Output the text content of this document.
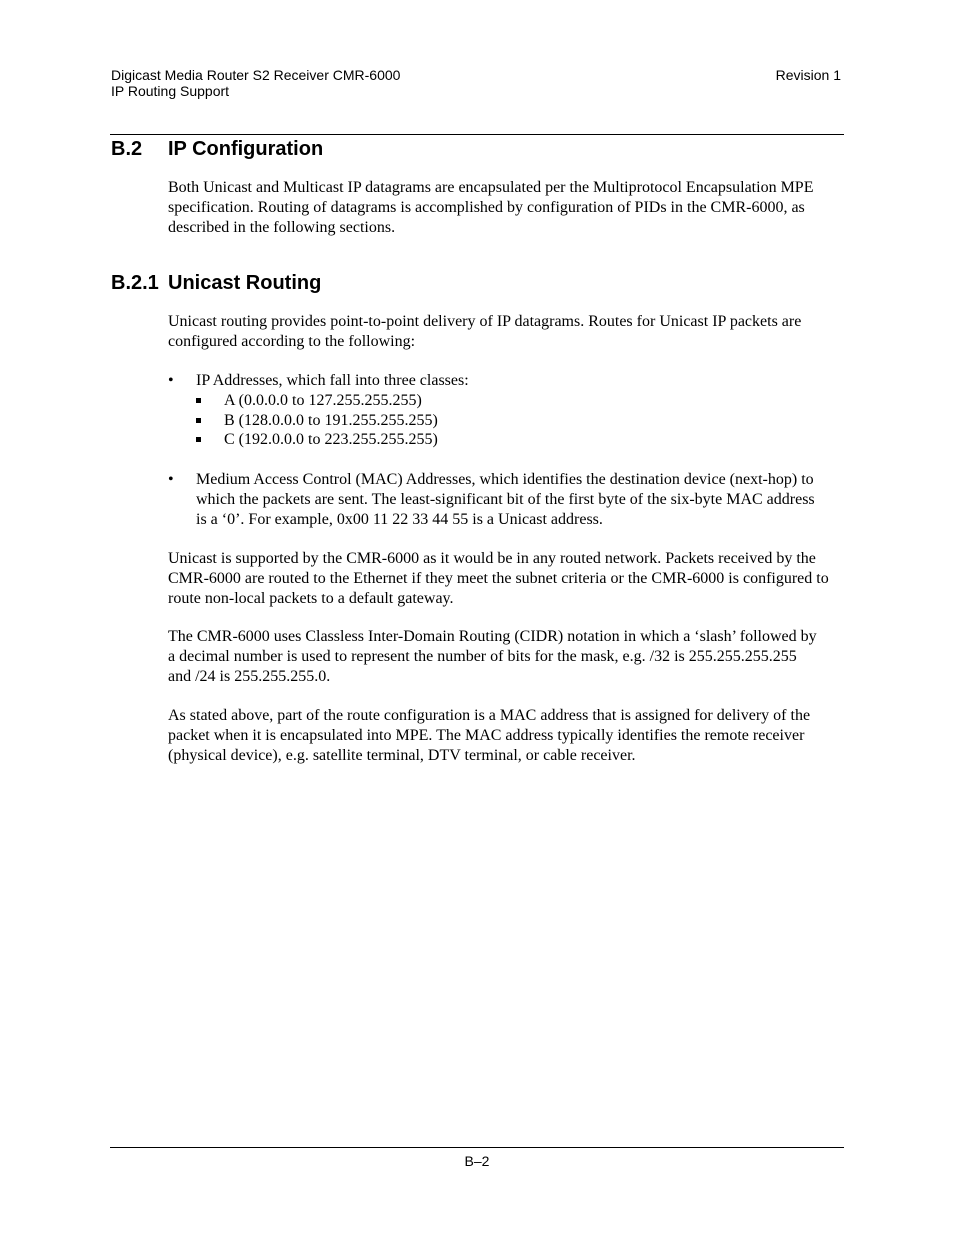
Digicast Media Router S2 Receiver CMR-6000
IP Routing Support
Revision 1
B.2 IP Configuration
Both Unicast and Multicast IP datagrams are encapsulated per the Multiprotocol Encapsulation MPE specification. Routing of datagrams is accomplished by configuration of PIDs in the CMR-6000, as described in the following sections.
B.2.1 Unicast Routing
Unicast routing provides point-to-point delivery of IP datagrams. Routes for Unicast IP packets are configured according to the following:
• IP Addresses, which fall into three classes:
A (0.0.0.0 to 127.255.255.255)
B (128.0.0.0 to 191.255.255.255)
C (192.0.0.0 to 223.255.255.255)
• Medium Access Control (MAC) Addresses, which identifies the destination device (next-hop) to which the packets are sent. The least-significant bit of the first byte of the six-byte MAC address is a ‘0’. For example, 0x00 11 22 33 44 55 is a Unicast address.
Unicast is supported by the CMR-6000 as it would be in any routed network. Packets received by the CMR-6000 are routed to the Ethernet if they meet the subnet criteria or the CMR-6000 is configured to route non-local packets to a default gateway.
The CMR-6000 uses Classless Inter-Domain Routing (CIDR) notation in which a ‘slash’ followed by a decimal number is used to represent the number of bits for the mask, e.g. /32 is 255.255.255.255 and /24 is 255.255.255.0.
As stated above, part of the route configuration is a MAC address that is assigned for delivery of the packet when it is encapsulated into MPE. The MAC address typically identifies the remote receiver (physical device), e.g. satellite terminal, DTV terminal, or cable receiver.
B–2
